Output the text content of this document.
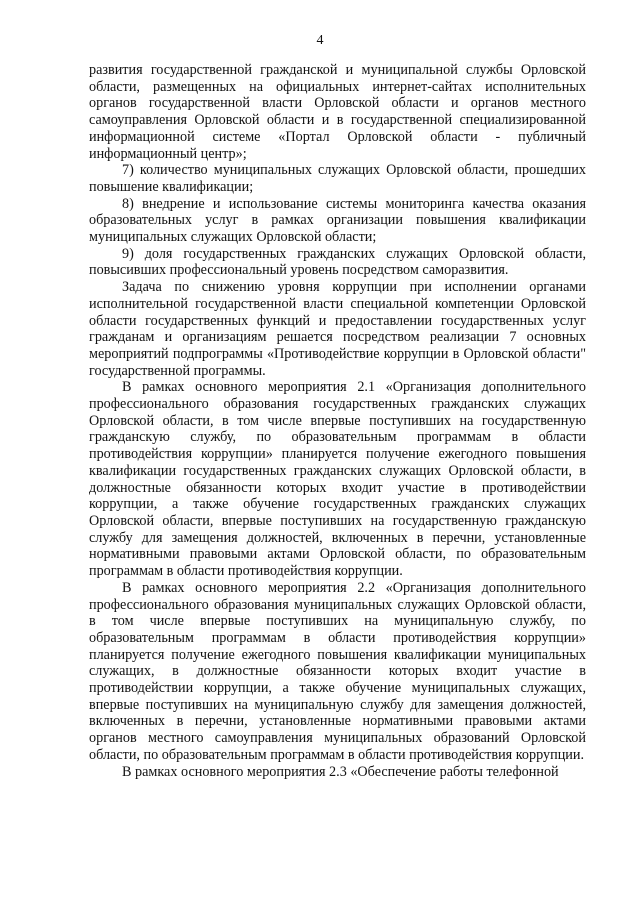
4

развития государственной гражданской и муниципальной службы Орловской области, размещенных на официальных интернет-сайтах исполнительных органов государственной власти Орловской области и органов местного самоуправления Орловской области и в государственной специализированной информационной системе «Портал Орловской области - публичный информационный центр»;

7) количество муниципальных служащих Орловской области, прошедших повышение квалификации;

8) внедрение и использование системы мониторинга качества оказания образовательных услуг в рамках организации повышения квалификации муниципальных служащих Орловской области;

9) доля государственных гражданских служащих Орловской области, повысивших профессиональный уровень посредством саморазвития.

Задача по снижению уровня коррупции при исполнении органами исполнительной государственной власти специальной компетенции Орловской области государственных функций и предоставлении государственных услуг гражданам и организациям решается посредством реализации 7 основных мероприятий подпрограммы «Противодействие коррупции в Орловской области" государственной программы.

В рамках основного мероприятия 2.1 «Организация дополнительного профессионального образования государственных гражданских служащих Орловской области, в том числе впервые поступивших на государственную гражданскую службу, по образовательным программам в области противодействия коррупции» планируется получение ежегодного повышения квалификации государственных гражданских служащих Орловской области, в должностные обязанности которых входит участие в противодействии коррупции, а также обучение государственных гражданских служащих Орловской области, впервые поступивших на государственную гражданскую службу для замещения должностей, включенных в перечни, установленные нормативными правовыми актами Орловской области, по образовательным программам в области противодействия коррупции.

В рамках основного мероприятия 2.2 «Организация дополнительного профессионального образования муниципальных служащих Орловской области, в том числе впервые поступивших на муниципальную службу, по образовательным программам в области противодействия коррупции» планируется получение ежегодного повышения квалификации муниципальных служащих, в должностные обязанности которых входит участие в противодействии коррупции, а также обучение муниципальных служащих, впервые поступивших на муниципальную службу для замещения должностей, включенных в перечни, установленные нормативными правовыми актами органов местного самоуправления муниципальных образований Орловской области, по образовательным программам в области противодействия коррупции.

В рамках основного мероприятия 2.3 «Обеспечение работы телефонной
